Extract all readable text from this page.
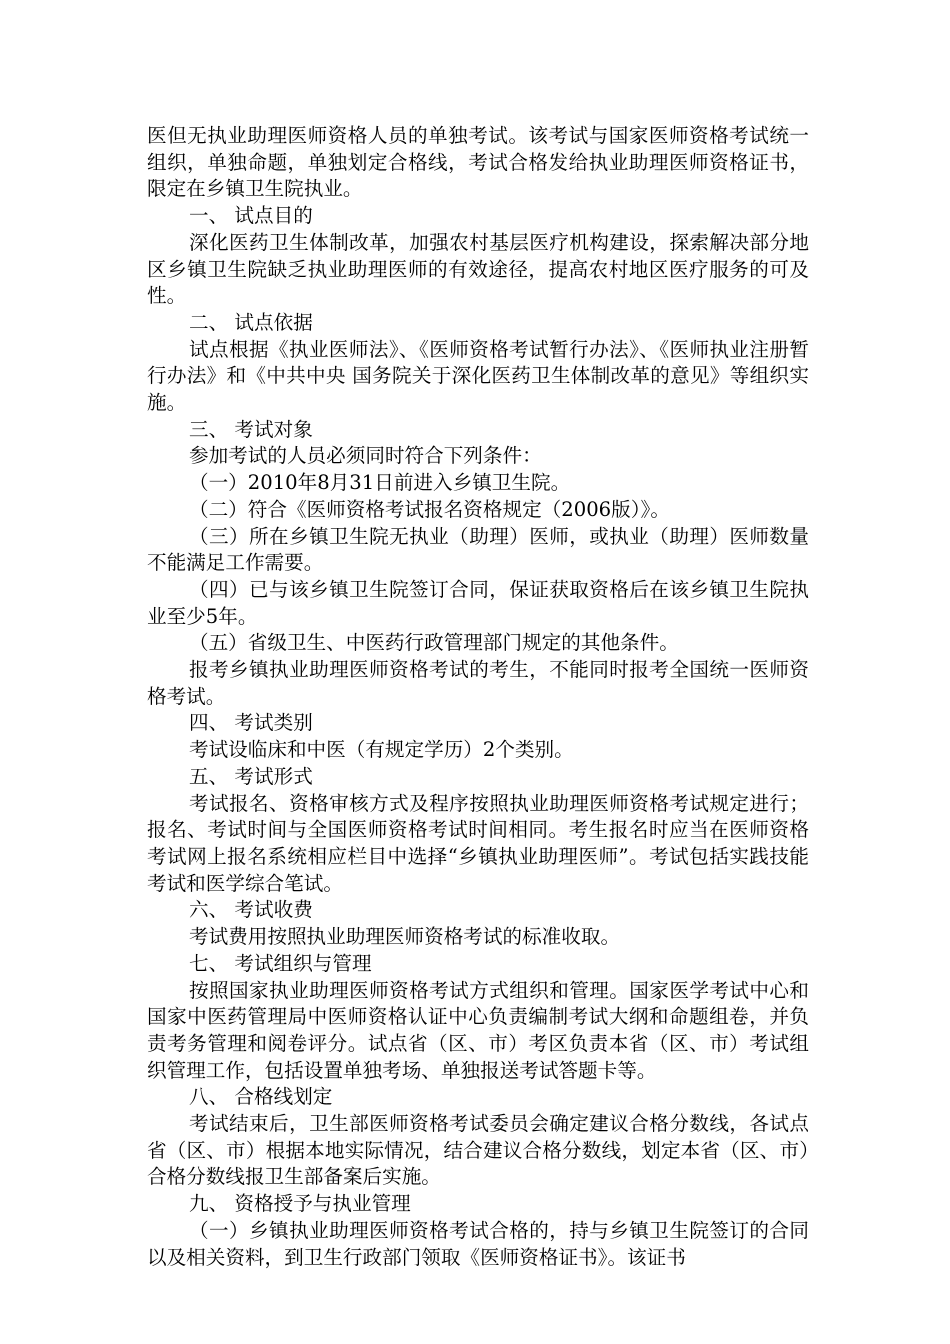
医但无执业助理医师资格人员的单独考试。该考试与国家医师资格考试统一组织，单独命题，单独划定合格线，考试合格发给执业助理医师资格证书，限定在乡镇卫生院执业。

一、 试点目的

深化医药卫生体制改革，加强农村基层医疗机构建设，探索解决部分地区乡镇卫生院缺乏执业助理医师的有效途径，提高农村地区医疗服务的可及性。

二、 试点依据

试点根据《执业医师法》、《医师资格考试暂行办法》、《医师执业注册暂行办法》和《中共中央 国务院关于深化医药卫生体制改革的意见》等组织实施。

三、 考试对象

参加考试的人员必须同时符合下列条件：

（一）2010年8月31日前进入乡镇卫生院。

（二）符合《医师资格考试报名资格规定（2006版）》。

（三）所在乡镇卫生院无执业（助理）医师，或执业（助理）医师数量不能满足工作需要。

（四）已与该乡镇卫生院签订合同，保证获取资格后在该乡镇卫生院执业至少5年。

（五）省级卫生、中医药行政管理部门规定的其他条件。

报考乡镇执业助理医师资格考试的考生，不能同时报考全国统一医师资格考试。

四、 考试类别

考试设临床和中医（有规定学历）2个类别。

五、 考试形式

考试报名、资格审核方式及程序按照执业助理医师资格考试规定进行；报名、考试时间与全国医师资格考试时间相同。考生报名时应当在医师资格考试网上报名系统相应栏目中选择“乡镇执业助理医师”。考试包括实践技能考试和医学综合笔试。

六、 考试收费

考试费用按照执业助理医师资格考试的标准收取。

七、 考试组织与管理

按照国家执业助理医师资格考试方式组织和管理。国家医学考试中心和国家中医药管理局中医师资格认证中心负责编制考试大纲和命题组卷，并负责考务管理和阅卷评分。试点省（区、市）考区负责本省（区、市）考试组织管理工作，包括设置单独考场、单独报送考试答题卡等。

八、 合格线划定

考试结束后，卫生部医师资格考试委员会确定建议合格分数线，各试点省（区、市）根据本地实际情况，结合建议合格分数线，划定本省（区、市）合格分数线报卫生部备案后实施。

九、 资格授予与执业管理

（一）乡镇执业助理医师资格考试合格的，持与乡镇卫生院签订的合同以及相关资料，到卫生行政部门领取《医师资格证书》。该证书
